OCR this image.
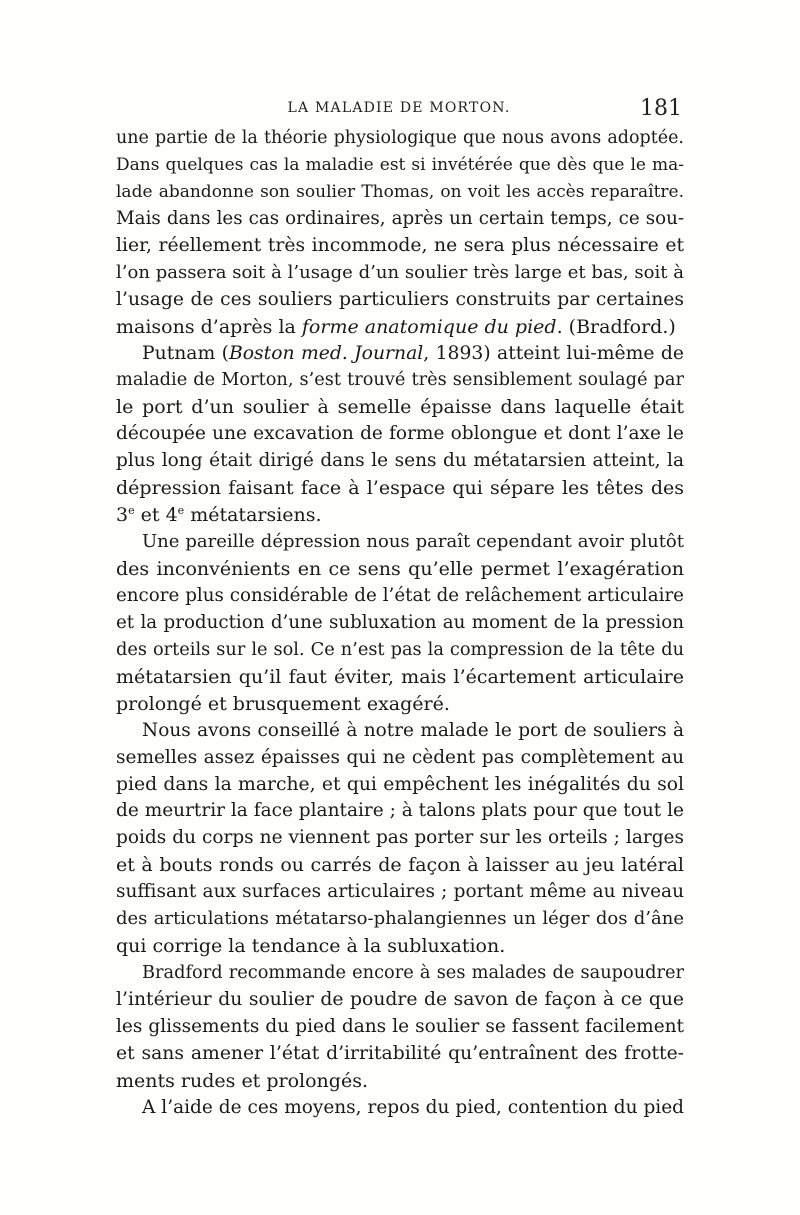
LA MALADIE DE MORTON.	181
une partie de la théorie physiologique que nous avons adoptée.
Dans quelques cas la maladie est si invétérée que dès que le ma-
lade abandonne son soulier Thomas, on voit les accès reparaître.
Mais dans les cas ordinaires, après un certain temps, ce sou-
lier, réellement très incommode, ne sera plus nécessaire et
l’on passera soit à l’usage d’un soulier très large et bas, soit à
l’usage de ces souliers particuliers construits par certaines
maisons d’après la forme anatomique du pied. (Bradford.)
Putnam (Boston med. Journal, 1893) atteint lui-même de
maladie de Morton, s’est trouvé très sensiblement soulagé par
le port d’un soulier à semelle épaisse dans laquelle était
découpée une excavation de forme oblongue et dont l’axe le
plus long était dirigé dans le sens du métatarsien atteint, la
dépression faisant face à l’espace qui sépare les têtes des
3e et 4e métatarsiens.
Une pareille dépression nous paraît cependant avoir plutôt
des inconvénients en ce sens qu’elle permet l’exagération
encore plus considérable de l’état de relâchement articulaire
et la production d’une subluxation au moment de la pression
des orteils sur le sol. Ce n’est pas la compression de la tête du
métatarsien qu’il faut éviter, mais l’écartement articulaire
prolongé et brusquement exagéré.
Nous avons conseillé à notre malade le port de souliers à
semelles assez épaisses qui ne cèdent pas complètement au
pied dans la marche, et qui empêchent les inégalités du sol
de meurtrir la face plantaire ; à talons plats pour que tout le
poids du corps ne viennent pas porter sur les orteils ; larges
et à bouts ronds ou carrés de façon à laisser au jeu latéral
suffisant aux surfaces articulaires ; portant même au niveau
des articulations métatarso-phalangiennes un léger dos d’âne
qui corrige la tendance à la subluxation.
Bradford recommande encore à ses malades de saupoudrer
l’intérieur du soulier de poudre de savon de façon à ce que
les glissements du pied dans le soulier se fassent facilement
et sans amener l’état d’irritabilité qu’entraînent des frotte-
ments rudes et prolongés.
A l’aide de ces moyens, repos du pied, contention du pied
